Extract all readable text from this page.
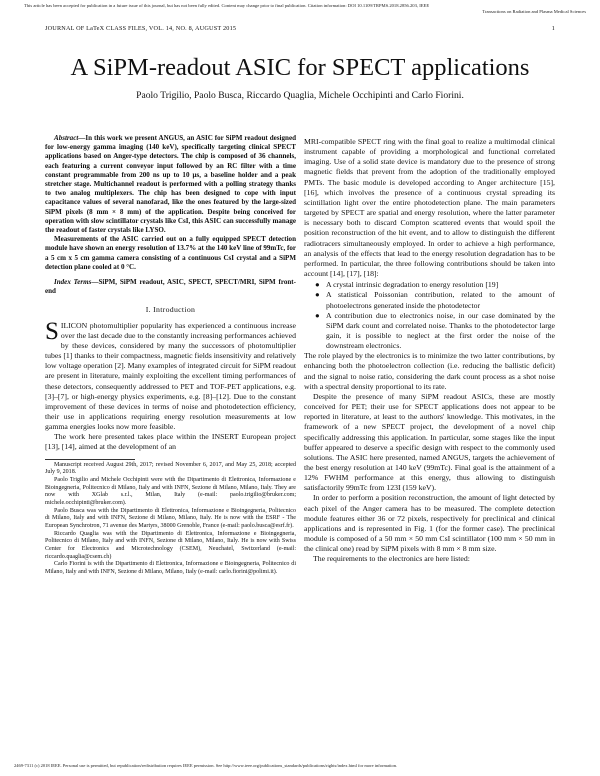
This article has been accepted for publication in a future issue of this journal, but has not been fully edited. Content may change prior to final publication. Citation information: DOI 10.1109/TRPMS.2018.2856.203, IEEE
Transactions on Radiation and Plasma Medical Sciences
JOURNAL OF LaTeX CLASS FILES, VOL. 14, NO. 8, AUGUST 2015	1
A SiPM-readout ASIC for SPECT applications
Paolo Trigilio, Paolo Busca, Riccardo Quaglia, Michele Occhipinti and Carlo Fiorini.

Abstract—In this work we present ANGUS, an ASIC for SiPM readout designed for low-energy gamma imaging (140 keV), specifically targeting clinical SPECT applications based on Anger-type detectors. The chip is composed of 36 channels, each featuring a current conveyor input followed by an RC filter with a time constant programmable from 200 ns up to 10 μs, a baseline holder and a peak stretcher stage. Multichannel readout is performed with a polling strategy thanks to two analog multiplexers. The chip has been designed to cope with input capacitance values of several nanofarad, like the ones featured by the large-sized SiPM pixels (8 mm × 8 mm) of the application. Despite being conceived for operation with slow scintillator crystals like CsI, this ASIC can successfully manage the readout of faster crystals like LYSO.

Measurements of the ASIC carried out on a fully equipped SPECT detection module have shown an energy resolution of 13.7% at the 140 keV line of 99mTc, for a 5 cm x 5 cm gamma camera consisting of a continuous CsI crystal and a SiPM detection plane cooled at 0 °C.

Index Terms—SiPM, SiPM readout, ASIC, SPECT, SPECT/MRI, SiPM front-end

I. Introduction

SILICON photomultiplier popularity has experienced a continuous increase over the last decade due to the constantly increasing performances achieved by these devices, considered by many the successors of photomultiplier tubes [1] thanks to their compactness, magnetic fields insensitivity and relatively low voltage operation [2]. Many examples of integrated circuit for SiPM readout are present in literature, mainly exploiting the excellent timing performances of these detectors, consequently addressed to PET and TOF-PET applications, e.g. [3]–[7], or high-energy physics experiments, e.g. [8]–[12]. Due to the constant improvement of these devices in terms of noise and photodetection efficiency, their use in applications requiring energy resolution measurements at low gamma energies looks now more feasible.

The work here presented takes place within the INSERT European project [13], [14], aimed at the development of an

Manuscript received August 29th, 2017; revised November 6, 2017, and May 25, 2018; accepted July 9, 2018.

Paolo Trigilio and Michele Occhipinti were with the Dipartimento di Elettronica, Informazione e Bioingegneria, Politecnico di Milano, Italy and with INFN, Sezione di Milano, Milano, Italy. They are now with XGlab s.r.l., Milan, Italy (e-mail: paolo.trigilio@bruker.com; michele.occhipinti@bruker.com).

Paolo Busca was with the Dipartimento di Elettronica, Informazione e Bioingegneria, Politecnico di Milano, Italy and with INFN, Sezione di Milano, Milano, Italy. He is now with the ESRF - The European Synchrotron, 71 avenue des Martyrs, 38000 Grenoble, France (e-mail: paolo.busca@esrf.fr).

Riccardo Quaglia was with the Dipartimento di Elettronica, Informazione e Bioingegneria, Politecnico di Milano, Italy and with INFN, Sezione di Milano, Milano, Italy. He is now with Swiss Center for Electronics and Microtechnology (CSEM), Neuchatel, Switzerland (e-mail: riccardo.quaglia@csem.ch)

Carlo Fiorini is with the Dipartimento di Elettronica, Informazione e Bioingegneria, Politecnico di Milano, Italy and with INFN, Sezione di Milano, Milano, Italy (e-mail: carlo.fiorini@polimi.it).

MRI-compatible SPECT ring with the final goal to realize a multimodal clinical instrument capable of providing a morphological and functional correlated imaging. Use of a solid state device is mandatory due to the presence of strong magnetic fields that prevent from the adoption of the traditionally employed PMTs. The basic module is developed according to Anger architecture [15], [16], which involves the presence of a continuous crystal spreading its scintillation light over the entire photodetection plane. The main parameters targeted by SPECT are spatial and energy resolution, where the latter parameter is necessary both to discard Compton scattered events that would spoil the position reconstruction of the hit event, and to allow to distinguish the different radiotracers simultaneously employed. In order to achieve a high performance, an analysis of the effects that lead to the energy resolution degradation has to be performed. In particular, the three following contributions should be taken into account [14], [17], [18]:

● A crystal intrinsic degradation to energy resolution [19]
● A statistical Poissonian contribution, related to the amount of photoelectrons generated inside the photodetector
● A contribution due to electronics noise, in our case dominated by the SiPM dark count and correlated noise. Thanks to the photodetector large gain, it is possible to neglect at the first order the noise of the downstream electronics.

The role played by the electronics is to minimize the two latter contributions, by enhancing both the photoelectron collection (i.e. reducing the ballistic deficit) and the signal to noise ratio, considering the dark count process as a shot noise with a spectral density proportional to its rate.

Despite the presence of many SiPM readout ASICs, these are mostly conceived for PET; their use for SPECT applications does not appear to be reported in literature, at least to the authors' knowledge. This motivates, in the framework of a new SPECT project, the development of a novel chip specifically addressing this application. In particular, some stages like the input buffer appeared to deserve a specific design with respect to the commonly used solutions. The ASIC here presented, named ANGUS, targets the achievement of the best energy resolution at 140 keV (99mTc). Final goal is the attainment of a 12% FWHM performance at this energy, thus allowing to distinguish satisfactorily 99mTc from 123I (159 keV).

In order to perform a position reconstruction, the amount of light detected by each pixel of the Anger camera has to be measured. The complete detection module features either 36 or 72 pixels, respectively for preclinical and clinical applications and is represented in Fig. 1 (for the former case). The preclinical module is composed of a 50 mm × 50 mm CsI scintillator (100 mm × 50 mm in the clinical one) read by SiPM pixels with 8 mm × 8 mm size.

The requirements to the electronics are here listed:

2469-7311 (c) 2018 IEEE. Personal use is permitted, but republication/redistribution requires IEEE permission. See http://www.ieee.org/publications_standards/publications/rights/index.html for more information.
